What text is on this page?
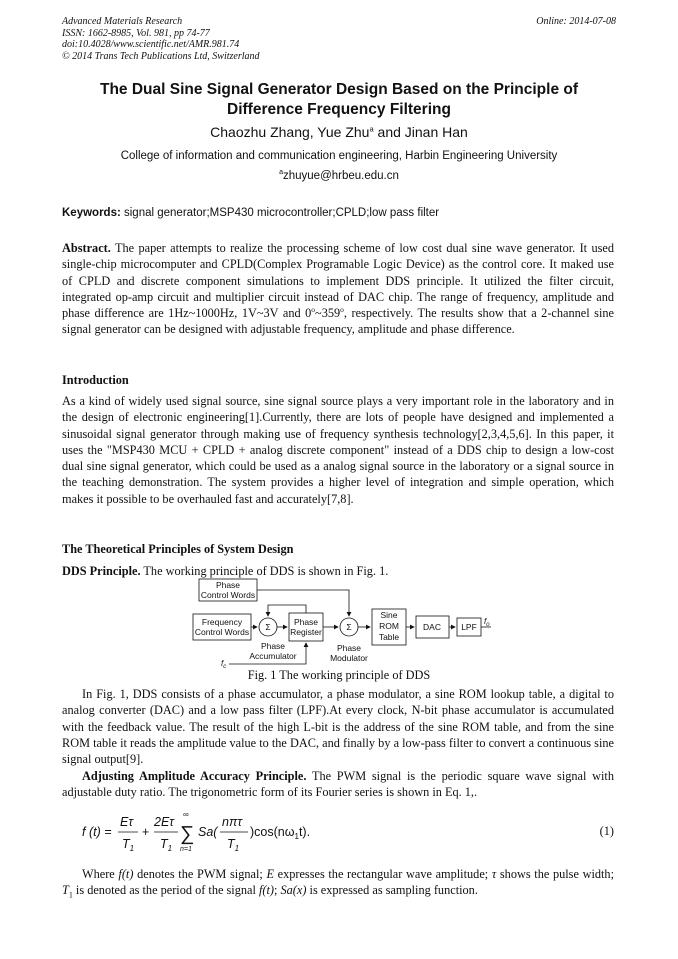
Advanced Materials Research
ISSN: 1662-8985, Vol. 981, pp 74-77
doi:10.4028/www.scientific.net/AMR.981.74
© 2014 Trans Tech Publications Ltd, Switzerland
Online: 2014-07-08
The Dual Sine Signal Generator Design Based on the Principle of
Difference Frequency Filtering
Chaozhu Zhang, Yue Zhu$^a$ and Jinan Han
College of information and communication engineering, Harbin Engineering University
$^a$zhuyue@hrbeu.edu.cn
Keywords: signal generator;MSP430 microcontroller;CPLD;low pass filter
Abstract. The paper attempts to realize the processing scheme of low cost dual sine wave generator. It used single-chip microcomputer and CPLD(Complex Programable Logic Device) as the control core. It maked use of CPLD and discrete component simulations to implement DDS principle. It utilized the filter circuit, integrated op-amp circuit and multiplier circuit instead of DAC chip. The range of frequency, amplitude and phase difference are 1Hz~1000Hz, 1V~3V and 0$^o$~359$^o$, respectively. The results show that a 2-channel sine signal generator can be designed with adjustable frequency, amplitude and phase difference.
Introduction
As a kind of widely used signal source, sine signal source plays a very important role in the laboratory and in the design of electronic engineering[1].Currently, there are lots of people have designed and implemented a sinusoidal signal generator through making use of frequency synthesis technology[2,3,4,5,6]. In this paper, it uses the "MSP430 MCU + CPLD + analog discrete component" instead of a DDS chip to design a low-cost dual sine signal generator, which could be used as a analog signal source in the laboratory or a signal source in the teaching demonstration. The system provides a higher level of integration and simple operation, which makes it possible to be overhauled fast and accurately[7,8].
The Theoretical Principles of System Design
DDS Principle. The working principle of DDS is shown in Fig. 1.
Phase
Control Words
Frequency
Control Words Σ	Phase
Register	Σ
Sine
ROM
Table
DAC LPF
Phase
Accumulator
Phase
Modulator
$f_o$
$f_c$
Fig. 1 The working principle of DDS
In Fig. 1, DDS consists of a phase accumulator, a phase modulator, a sine ROM lookup table, a digital to analog converter (DAC) and a low pass filter (LPF).At every clock, N-bit phase accumulator is accumulated with the feedback value. The result of the high L-bit is the address of the sine ROM table, and from the sine ROM table it reads the amplitude value to the DAC, and finally by a low-pass filter to convert a continuous sine signal output[9].
Adjusting Amplitude Accuracy Principle. The PWM signal is the periodic square wave signal with adjustable duty ratio. The trigonometric form of its Fourier series is shown in Eq. 1,.
f (t) =
Eτ
$T_1$
+
2Eτ
$T_1$
∞
∑
n=1
Sa(
nπτ
$T_1$
)$\cos(n\omega_1t)$.	(1)
Where f(t) denotes the PWM signal; E expresses the rectangular wave amplitude; τ shows the pulse width; $T_1$ is denoted as the period of the signal f(t); Sa(x) is expressed as sampling function.
